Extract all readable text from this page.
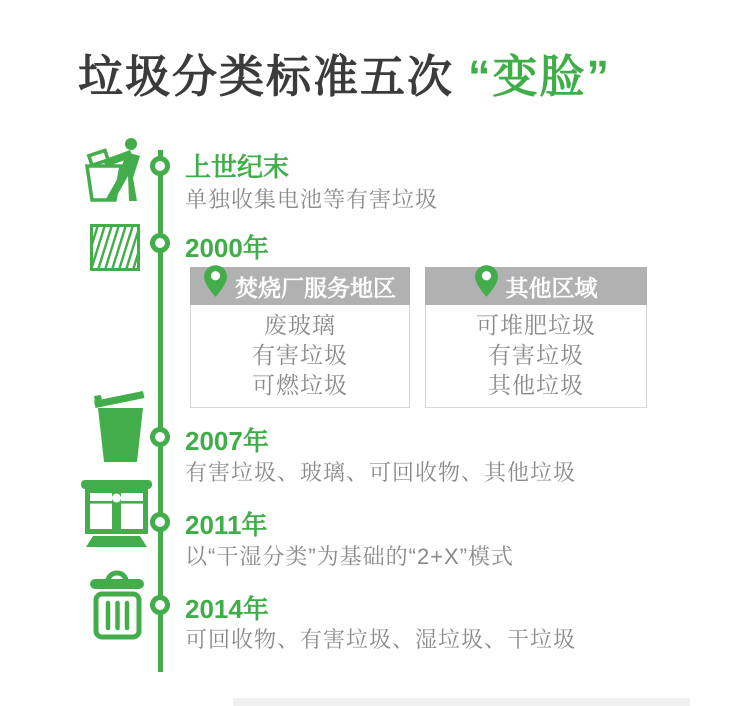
垃圾分类标准五次 “变脸”
上世纪末
单独收集电池等有害垃圾
2000年
焚烧厂服务地区
废玻璃
有害垃圾
可燃垃圾
其他区域
可堆肥垃圾
有害垃圾
其他垃圾
2007年
有害垃圾、玻璃、可回收物、其他垃圾
2011年
以“干湿分类”为基础的“2+X”模式
2014年
可回收物、有害垃圾、湿垃圾、干垃圾
